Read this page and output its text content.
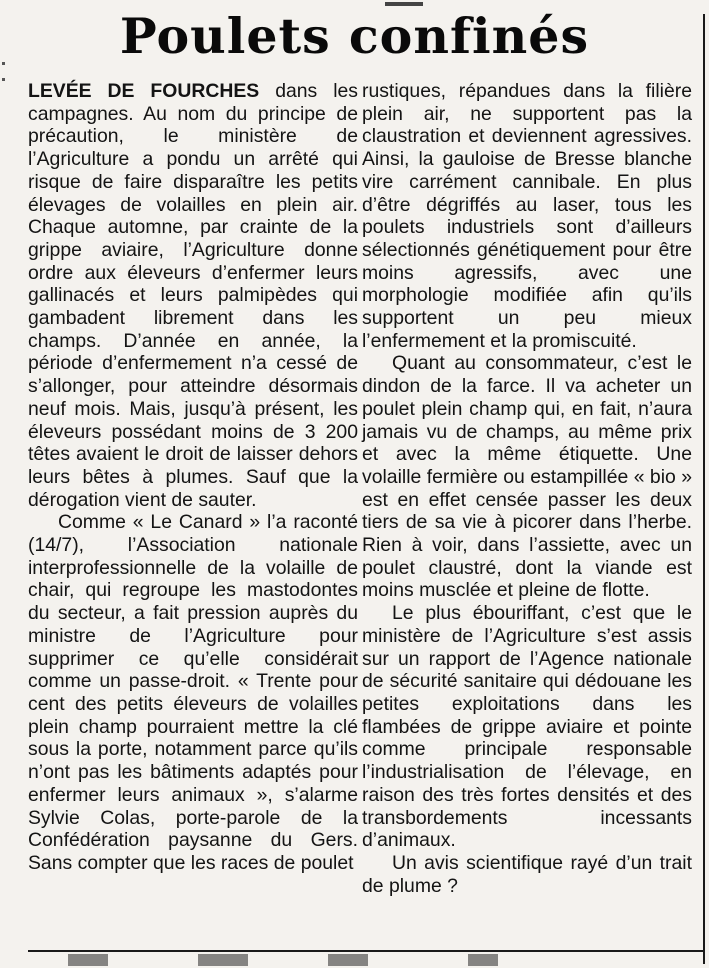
Poulets confinés

LEVÉE DE FOURCHES dans les campagnes. Au nom du principe de précaution, le ministère de l’Agriculture a pondu un arrêté qui risque de faire disparaître les petits élevages de volailles en plein air. Chaque automne, par crainte de la grippe aviaire, l’Agriculture donne ordre aux éleveurs d’enfermer leurs gallinacés et leurs palmipèdes qui gambadent librement dans les champs. D’année en année, la période d’enfermement n’a cessé de s’allonger, pour atteindre désormais neuf mois. Mais, jusqu’à présent, les éleveurs possédant moins de 3 200 têtes avaient le droit de laisser dehors leurs bêtes à plumes. Sauf que la dérogation vient de sauter.

Comme « Le Canard » l’a raconté (14/7), l’Association nationale interprofessionnelle de la volaille de chair, qui regroupe les mastodontes du secteur, a fait pression auprès du ministre de l’Agriculture pour supprimer ce qu’elle considérait comme un passe-droit. « Trente pour cent des petits éleveurs de volailles plein champ pourraient mettre la clé sous la porte, notamment parce qu’ils n’ont pas les bâtiments adaptés pour enfermer leurs animaux », s’alarme Sylvie Colas, porte-parole de la Confédération paysanne du Gers. Sans compter que les races de poulet

rustiques, répandues dans la filière plein air, ne supportent pas la claustration et deviennent agressives. Ainsi, la gauloise de Bresse blanche vire carrément cannibale. En plus d’être dégriffés au laser, tous les poulets industriels sont d’ailleurs sélectionnés génétiquement pour être moins agressifs, avec une morphologie modifiée afin qu’ils supportent un peu mieux l’enfermement et la promiscuité.

Quant au consommateur, c’est le dindon de la farce. Il va acheter un poulet plein champ qui, en fait, n’aura jamais vu de champs, au même prix et avec la même étiquette. Une volaille fermière ou estampillée « bio » est en effet censée passer les deux tiers de sa vie à picorer dans l’herbe. Rien à voir, dans l’assiette, avec un poulet claustré, dont la viande est moins musclée et pleine de flotte.

Le plus ébouriffant, c’est que le ministère de l’Agriculture s’est assis sur un rapport de l’Agence nationale de sécurité sanitaire qui dédouane les petites exploitations dans les flambées de grippe aviaire et pointe comme principale responsable l’industrialisation de l’élevage, en raison des très fortes densités et des transbordements incessants d’animaux.

Un avis scientifique rayé d’un trait de plume ?
